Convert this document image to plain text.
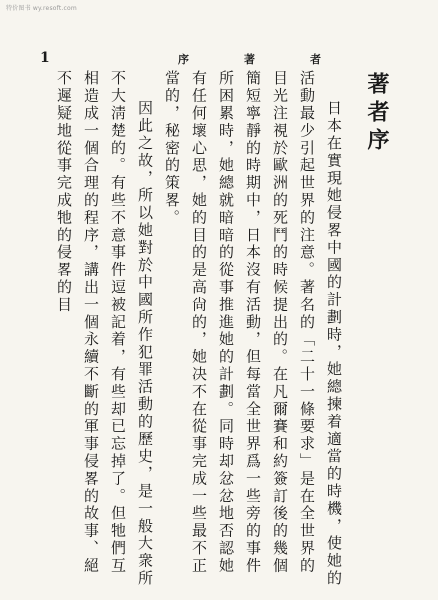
特价图书 wy.resoft.com
1	序　著　者
著者序

日本在實現她侵畧中國的計劃時，她總揀着適當的時機，使她的活動最少引起世界的注意。著名的「二十一條要求」是在全世界的目光注視於歐洲的死鬥的時候提出的。在凡爾賽和約簽訂後的幾個簡短寧靜的時期中，日本沒有活動，但每當全世界爲一些旁的事件所困累時，她總就暗暗的從事推進她的計劃。同時却忿忿地否認她有任何壞心思，她的目的是高尙的，她决不在從事完成一些最不正當的，秘密的策畧。

因此之故，所以她對於中國所作犯罪活動的歷史，是一般大衆所不大淸楚的。有些不意事件逗被記着，有些却已忘掉了。但牠們互相造成一個合理的程序，講出一個永續不斷的軍事侵畧的故事、絕不遲疑地從事完成牠的侵畧的目
